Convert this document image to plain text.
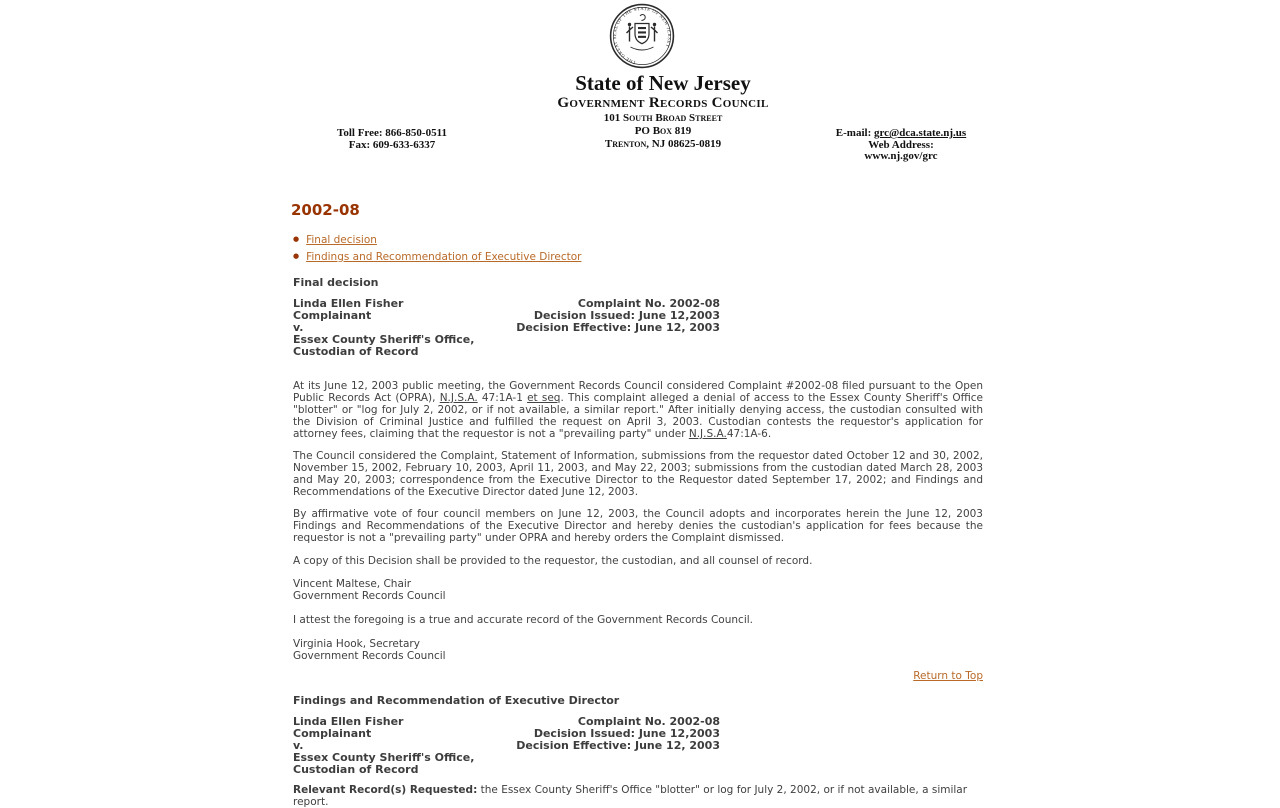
THE GREAT SEAL OF THE STATE OF NEW JERSEY
State of New Jersey
Government Records Council
101 South Broad Street
PO Box 819
Trenton, NJ 08625-0819
Toll Free: 866-850-0511
Fax: 609-633-6337
E-mail: grc@dca.state.nj.us
Web Address:
www.nj.gov/grc
2002-08
● Final decision
● Findings and Recommendation of Executive Director
Final decision
Linda Ellen Fisher
Complainant
v.
Essex County Sheriff's Office,
Custodian of Record
Complaint No. 2002-08
Decision Issued: June 12,2003
Decision Effective: June 12, 2003

At its June 12, 2003 public meeting, the Government Records Council considered Complaint #2002-08 filed pursuant to the Open Public Records Act (OPRA), N.J.S.A. 47:1A-1 et seq. This complaint alleged a denial of access to the Essex County Sheriff's Office "blotter" or "log for July 2, 2002, or if not available, a similar report." After initially denying access, the custodian consulted with the Division of Criminal Justice and fulfilled the request on April 3, 2003. Custodian contests the requestor's application for attorney fees, claiming that the requestor is not a "prevailing party" under N.J.S.A.47:1A-6.

The Council considered the Complaint, Statement of Information, submissions from the requestor dated October 12 and 30, 2002, November 15, 2002, February 10, 2003, April 11, 2003, and May 22, 2003; submissions from the custodian dated March 28, 2003 and May 20, 2003; correspondence from the Executive Director to the Requestor dated September 17, 2002; and Findings and Recommendations of the Executive Director dated June 12, 2003.

By affirmative vote of four council members on June 12, 2003, the Council adopts and incorporates herein the June 12, 2003 Findings and Recommendations of the Executive Director and hereby denies the custodian's application for fees because the requestor is not a "prevailing party" under OPRA and hereby orders the Complaint dismissed.

A copy of this Decision shall be provided to the requestor, the custodian, and all counsel of record.

Vincent Maltese, Chair
Government Records Council

I attest the foregoing is a true and accurate record of the Government Records Council.

Virginia Hook, Secretary
Government Records Council
Return to Top
Findings and Recommendation of Executive Director
Linda Ellen Fisher
Complainant
v.
Essex County Sheriff's Office,
Custodian of Record
Complaint No. 2002-08
Decision Issued: June 12,2003
Decision Effective: June 12, 2003
Relevant Record(s) Requested: the Essex County Sheriff's Office "blotter" or log for July 2, 2002, or if not available, a similar report.
